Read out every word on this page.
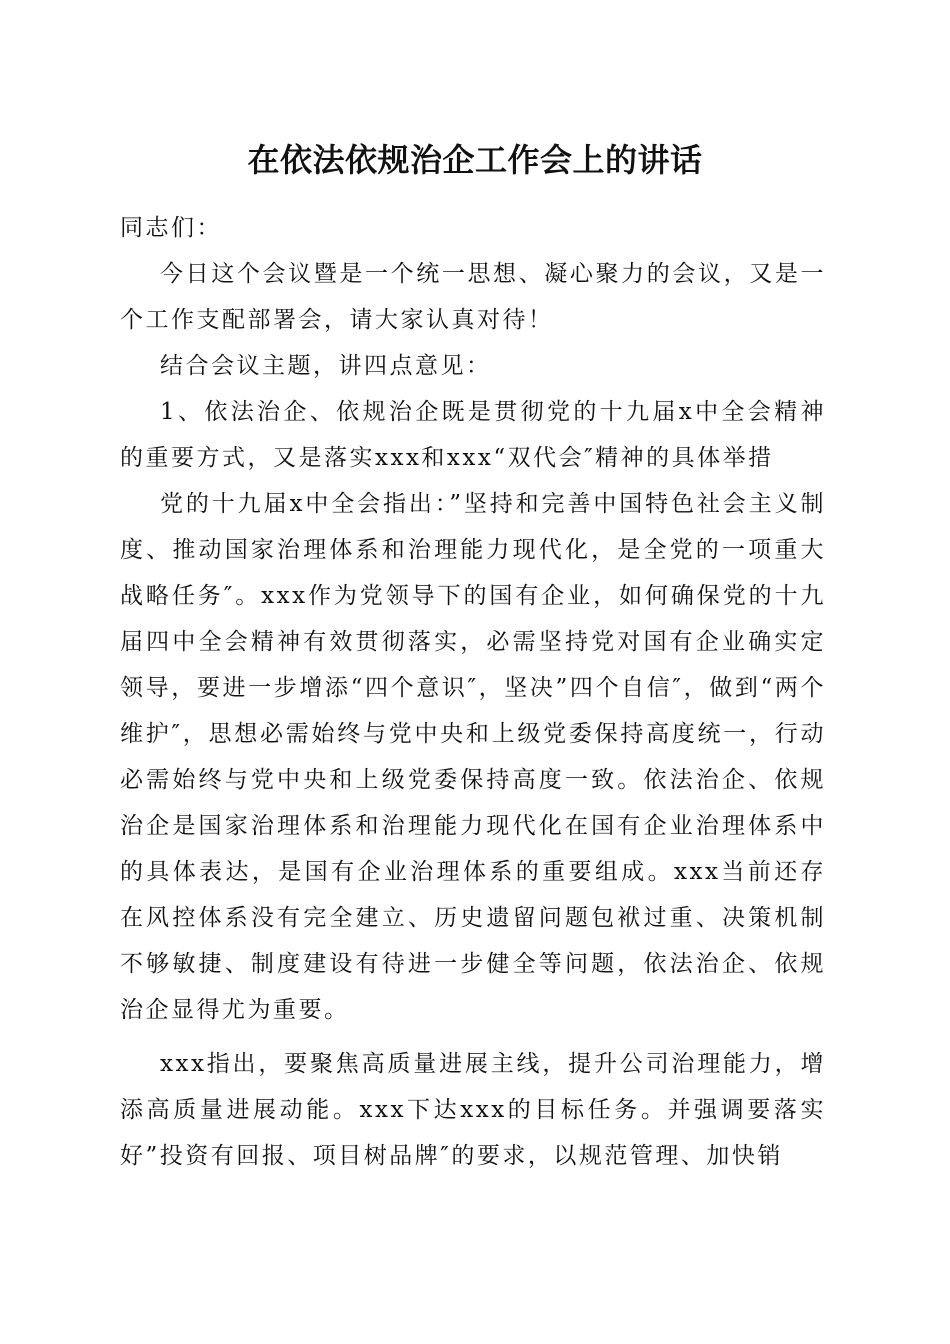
在依法依规治企工作会上的讲话

同志们：

今日这个会议暨是一个统一思想、凝心聚力的会议，又是一个工作支配部署会，请大家认真对待！

结合会议主题，讲四点意见：

1、依法治企、依规治企既是贯彻党的十九届x中全会精神的重要方式，又是落实xxx和xxx“双代会″精神的具体举措

党的十九届x中全会指出：”坚持和完善中国特色社会主义制度、推动国家治理体系和治理能力现代化，是全党的一项重大战略任务″。xxx作为党领导下的国有企业，如何确保党的十九届四中全会精神有效贯彻落实，必需坚持党对国有企业确实定领导，要进一步增添“四个意识″，坚决”四个自信″，做到“两个维护″，思想必需始终与党中央和上级党委保持高度统一，行动必需始终与党中央和上级党委保持高度一致。依法治企、依规治企是国家治理体系和治理能力现代化在国有企业治理体系中的具体表达，是国有企业治理体系的重要组成。xxx当前还存在风控体系没有完全建立、历史遗留问题包袱过重、决策机制不够敏捷、制度建设有待进一步健全等问题，依法治企、依规治企显得尤为重要。

xxx指出，要聚焦高质量进展主线，提升公司治理能力，增添高质量进展动能。xxx下达xxx的目标任务。并强调要落实好”投资有回报、项目树品牌″的要求，以规范管理、加快销
